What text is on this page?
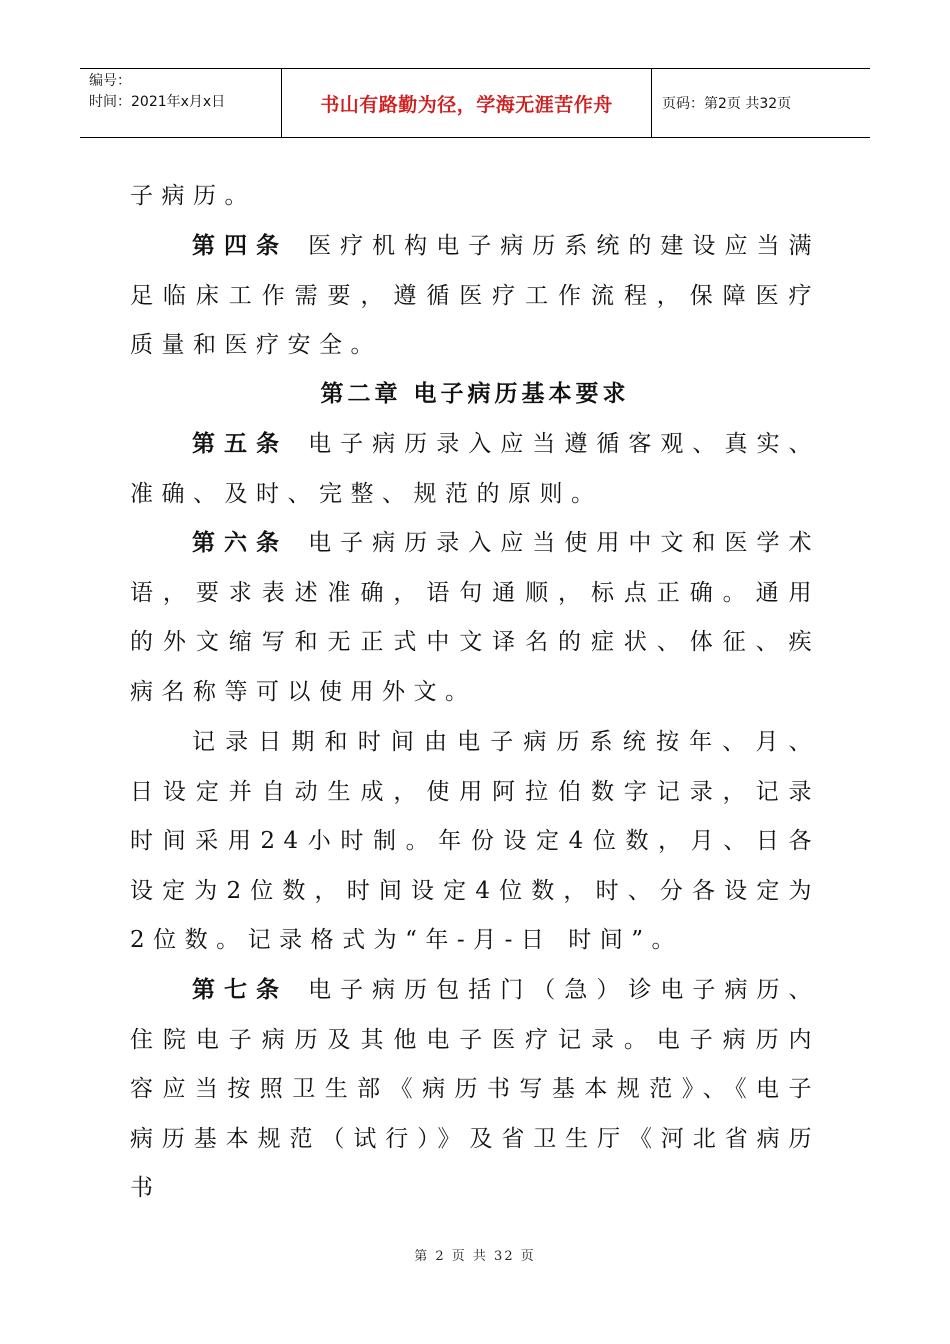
编号：
时间：2021年x月x日	书山有路勤为径，学海无涯苦作舟	页码：第2页 共32页

子病历。

第四条 医疗机构电子病历系统的建设应当满足临床工作需要，遵循医疗工作流程，保障医疗质量和医疗安全。

第二章 电子病历基本要求

第五条 电子病历录入应当遵循客观、真实、准确、及时、完整、规范的原则。

第六条 电子病历录入应当使用中文和医学术语，要求表述准确，语句通顺，标点正确。通用的外文缩写和无正式中文译名的症状、体征、疾病名称等可以使用外文。

记录日期和时间由电子病历系统按年、月、日设定并自动生成，使用阿拉伯数字记录，记录时间采用24小时制。年份设定4位数，月、日各设定为2位数，时间设定4位数，时、分各设定为2位数。记录格式为“年-月-日 时间”。

第七条 电子病历包括门（急）诊电子病历、住院电子病历及其他电子医疗记录。电子病历内容应当按照卫生部《病历书写基本规范》、《电子病历基本规范（试行）》及省卫生厅《河北省病历书

第 2 页 共 32 页
